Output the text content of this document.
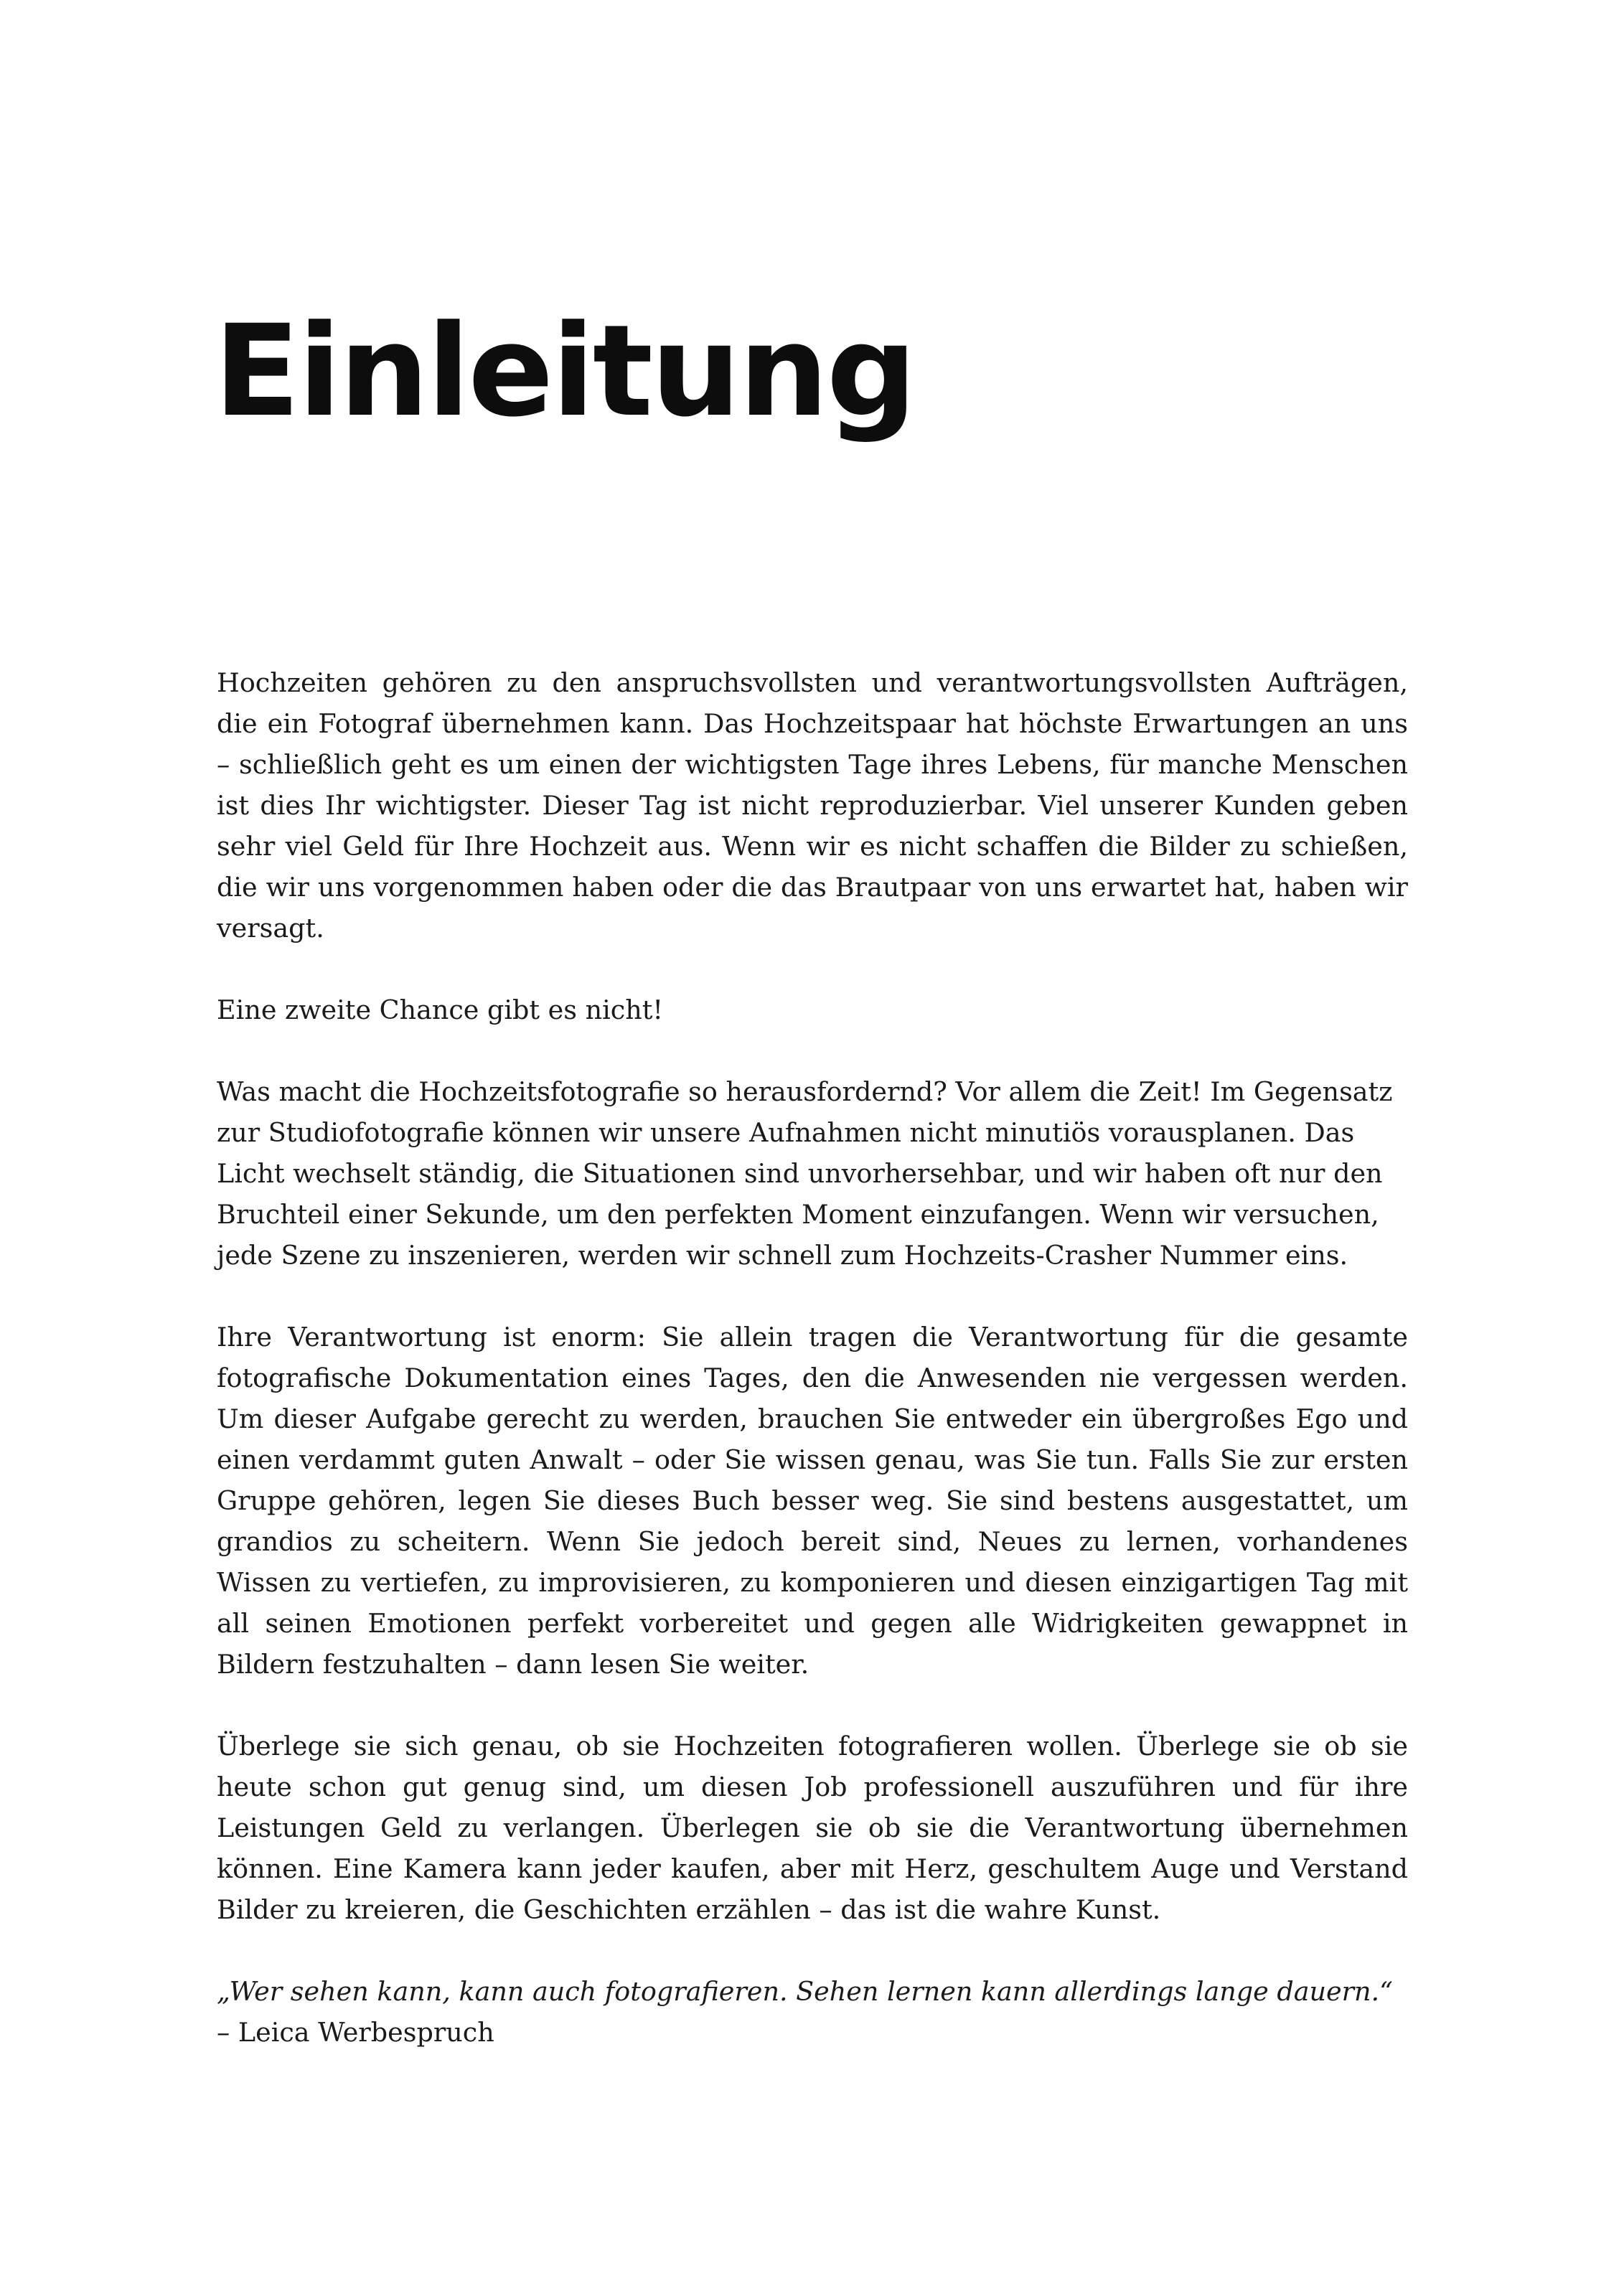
Einleitung

Hochzeiten gehören zu den anspruchsvollsten und verantwortungsvollsten Aufträgen, die ein Fotograf übernehmen kann. Das Hochzeitspaar hat höchste Erwartungen an uns – schließlich geht es um einen der wichtigsten Tage ihres Lebens, für manche Menschen ist dies Ihr wichtigster. Dieser Tag ist nicht reproduzierbar. Viel unserer Kunden geben sehr viel Geld für Ihre Hochzeit aus. Wenn wir es nicht schaffen die Bilder zu schießen, die wir uns vorgenommen haben oder die das Brautpaar von uns erwartet hat, haben wir versagt.

Eine zweite Chance gibt es nicht!

Was macht die Hochzeitsfotografie so herausfordernd? Vor allem die Zeit! Im Gegensatz zur Studiofotografie können wir unsere Aufnahmen nicht minutiös vorausplanen. Das Licht wechselt ständig, die Situationen sind unvorhersehbar, und wir haben oft nur den Bruchteil einer Sekunde, um den perfekten Moment einzufangen. Wenn wir versuchen, jede Szene zu inszenieren, werden wir schnell zum Hochzeits-Crasher Nummer eins.

Ihre Verantwortung ist enorm: Sie allein tragen die Verantwortung für die gesamte fotografische Dokumentation eines Tages, den die Anwesenden nie vergessen werden. Um dieser Aufgabe gerecht zu werden, brauchen Sie entweder ein übergroßes Ego und einen verdammt guten Anwalt – oder Sie wissen genau, was Sie tun. Falls Sie zur ersten Gruppe gehören, legen Sie dieses Buch besser weg. Sie sind bestens ausgestattet, um grandios zu scheitern. Wenn Sie jedoch bereit sind, Neues zu lernen, vorhandenes Wissen zu vertiefen, zu improvisieren, zu komponieren und diesen einzigartigen Tag mit all seinen Emotionen perfekt vorbereitet und gegen alle Widrigkeiten gewappnet in Bildern festzuhalten – dann lesen Sie weiter.

Überlege sie sich genau, ob sie Hochzeiten fotografieren wollen. Überlege sie ob sie heute schon gut genug sind, um diesen Job professionell auszuführen und für ihre Leistungen Geld zu verlangen. Überlegen sie ob sie die Verantwortung übernehmen können. Eine Kamera kann jeder kaufen, aber mit Herz, geschultem Auge und Verstand Bilder zu kreieren, die Geschichten erzählen – das ist die wahre Kunst.

„Wer sehen kann, kann auch fotografieren. Sehen lernen kann allerdings lange dauern.“
– Leica Werbespruch
